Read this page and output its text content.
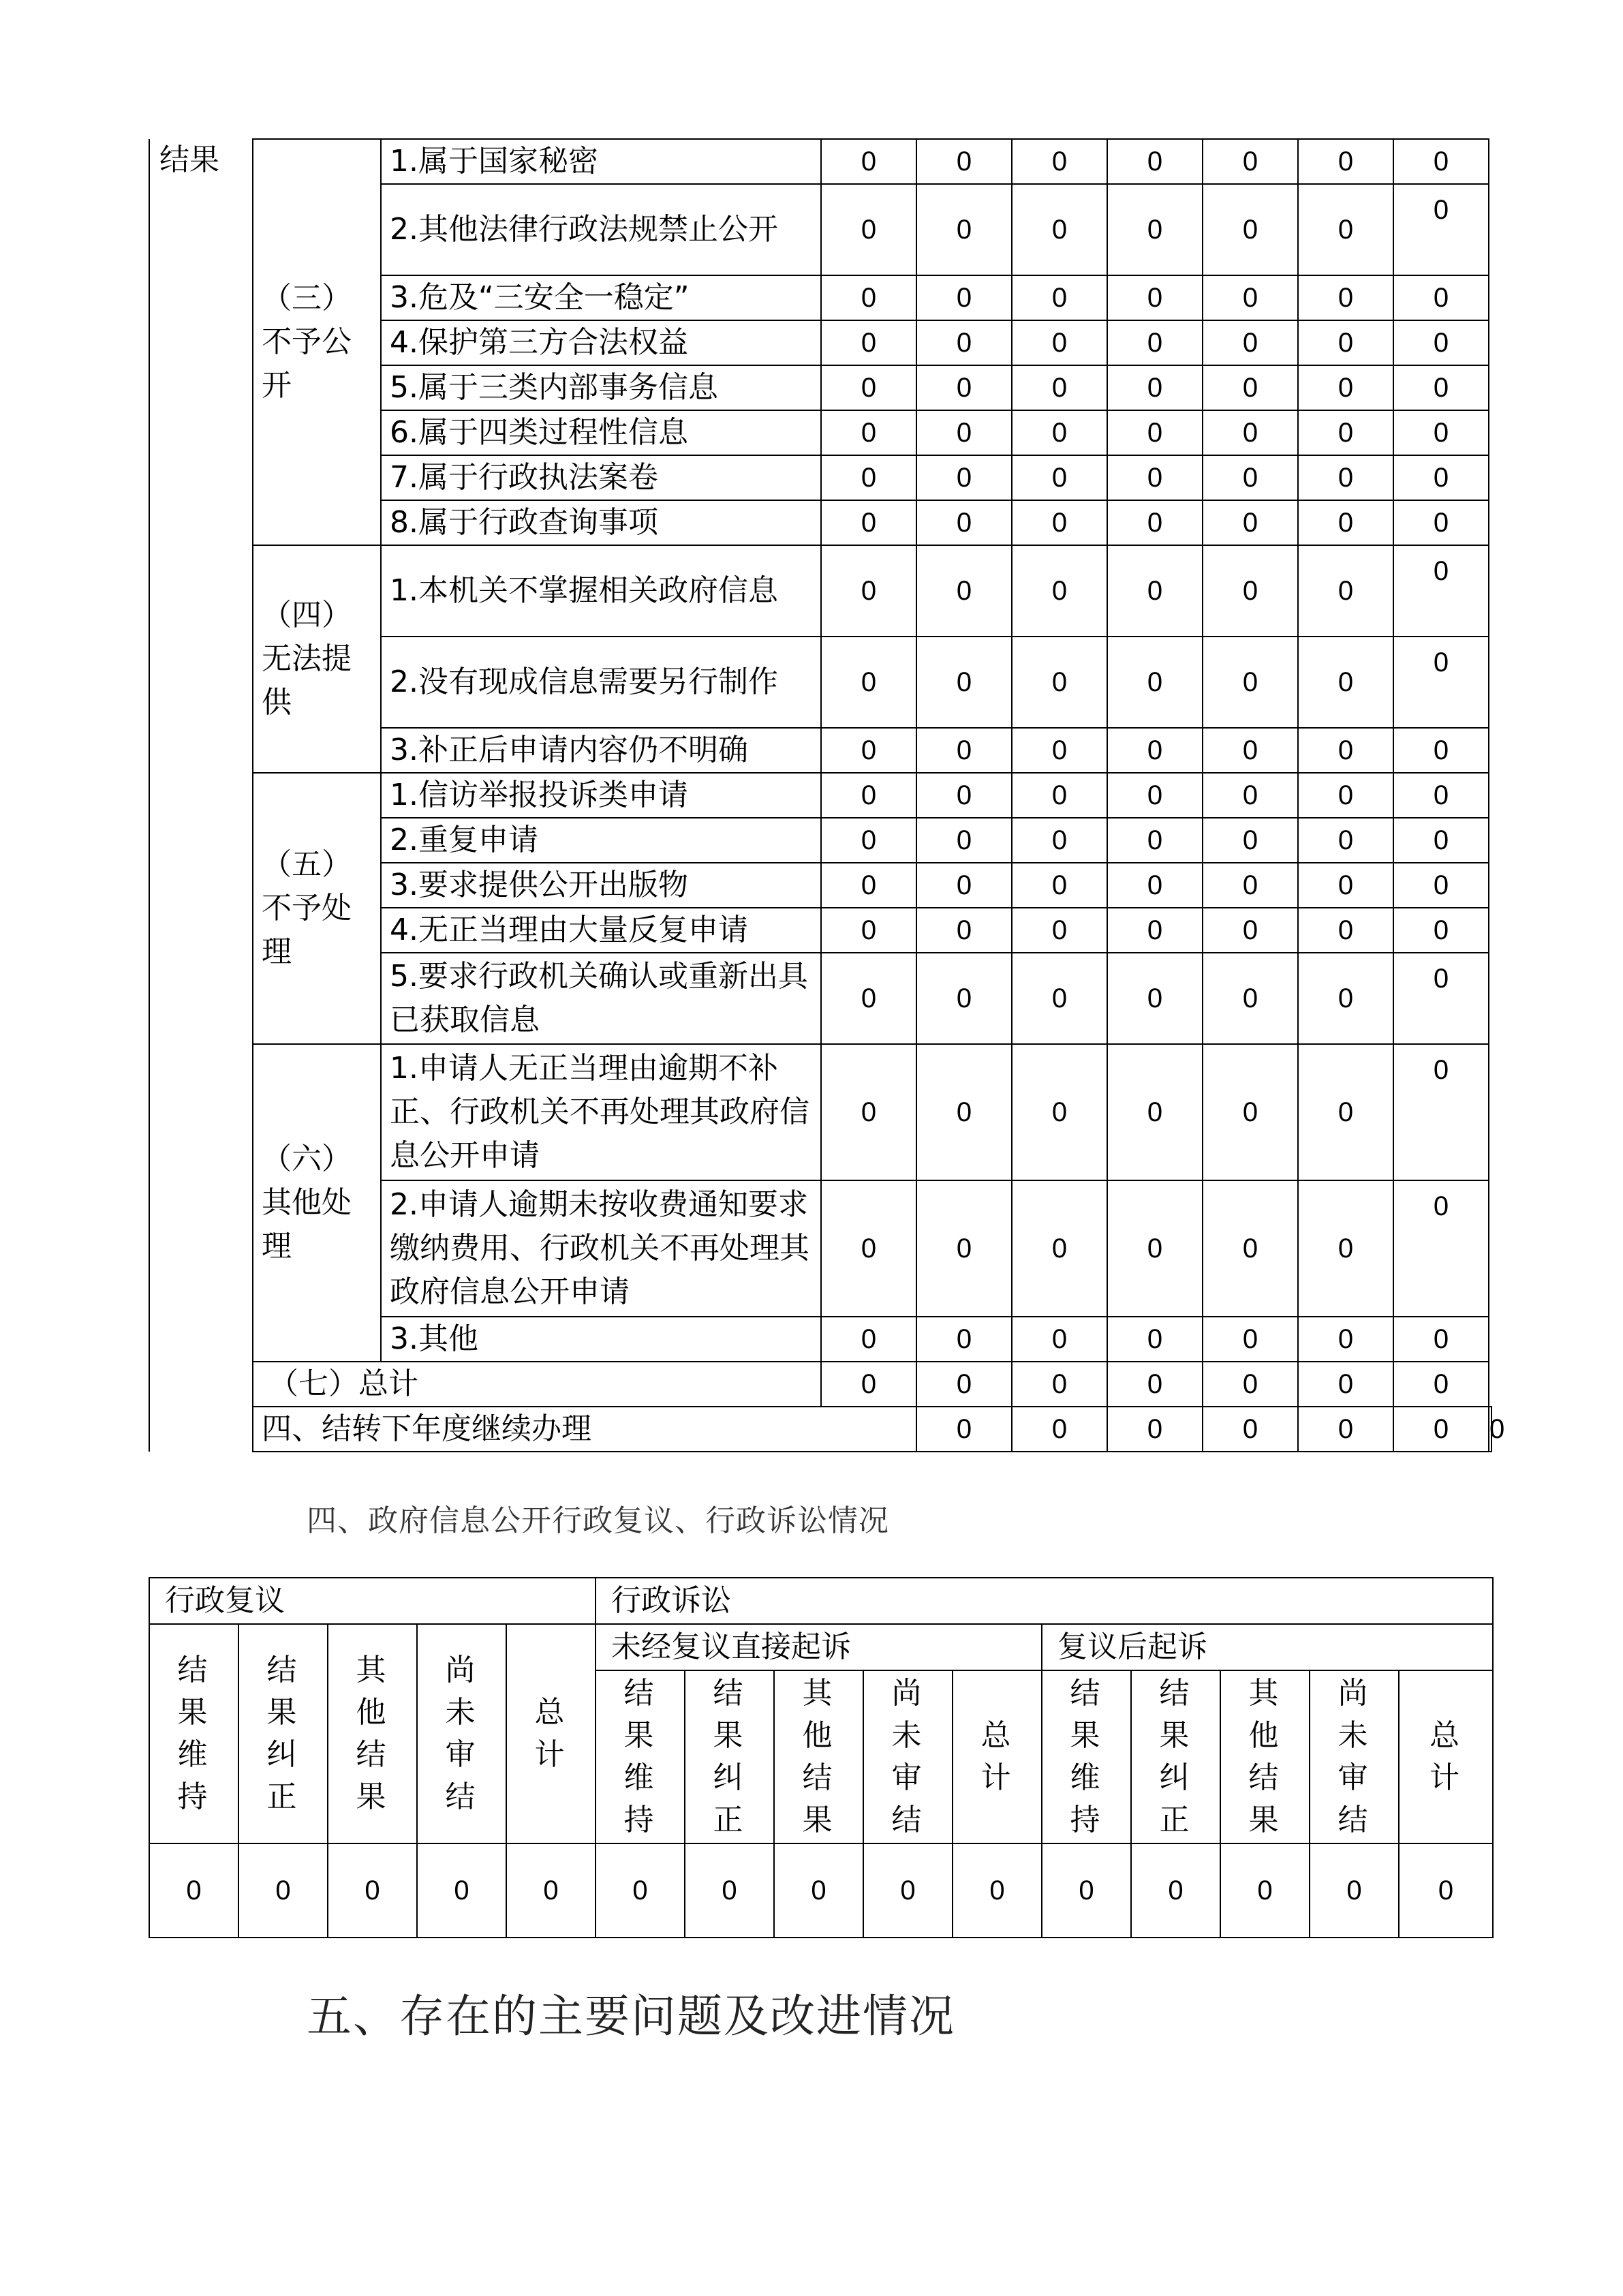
结果	（三）不予公开	1.属于国家秘密	0	0	0	0	0	0	0	
		2.其他法律行政法规禁止公开	0	0	0	0	0	0	0	
		3.危及“三安全一稳定”	0	0	0	0	0	0	0	
		4.保护第三方合法权益	0	0	0	0	0	0	0	
		5.属于三类内部事务信息	0	0	0	0	0	0	0	
		6.属于四类过程性信息	0	0	0	0	0	0	0	
		7.属于行政执法案卷	0	0	0	0	0	0	0	
		8.属于行政查询事项	0	0	0	0	0	0	0	
	（四）无法提供	1.本机关不掌握相关政府信息	0	0	0	0	0	0	0	
		2.没有现成信息需要另行制作	0	0	0	0	0	0	0	
		3.补正后申请内容仍不明确	0	0	0	0	0	0	0	
	（五）不予处理	1.信访举报投诉类申请	0	0	0	0	0	0	0	
		2.重复申请	0	0	0	0	0	0	0	
		3.要求提供公开出版物	0	0	0	0	0	0	0	
		4.无正当理由大量反复申请	0	0	0	0	0	0	0	
		5.要求行政机关确认或重新出具已获取信息	0	0	0	0	0	0	0	
	（六）其他处理	1.申请人无正当理由逾期不补正、行政机关不再处理其政府信息公开申请	0	0	0	0	0	0	0	
		2.申请人逾期未按收费通知要求缴纳费用、行政机关不再处理其政府信息公开申请	0	0	0	0	0	0	0	
		3.其他	0	0	0	0	0	0	0	
	（七）总计		0	0	0	0	0	0	0	
	四、结转下年度继续办理			0	0	0	0	0	0	0
四、政府信息公开行政复议、行政诉讼情况
行政复议					行政诉讼									
结果维持	结果纠正	其他结果	尚未审结	总计	未经复议直接起诉					复议后起诉				
					结果维持	结果纠正	其他结果	尚未审结	总计	结果维持	结果纠正	其他结果	尚未审结	总计
0	0	0	0	0	0	0	0	0	0	0	0	0	0	0
五、存在的主要问题及改进情况
